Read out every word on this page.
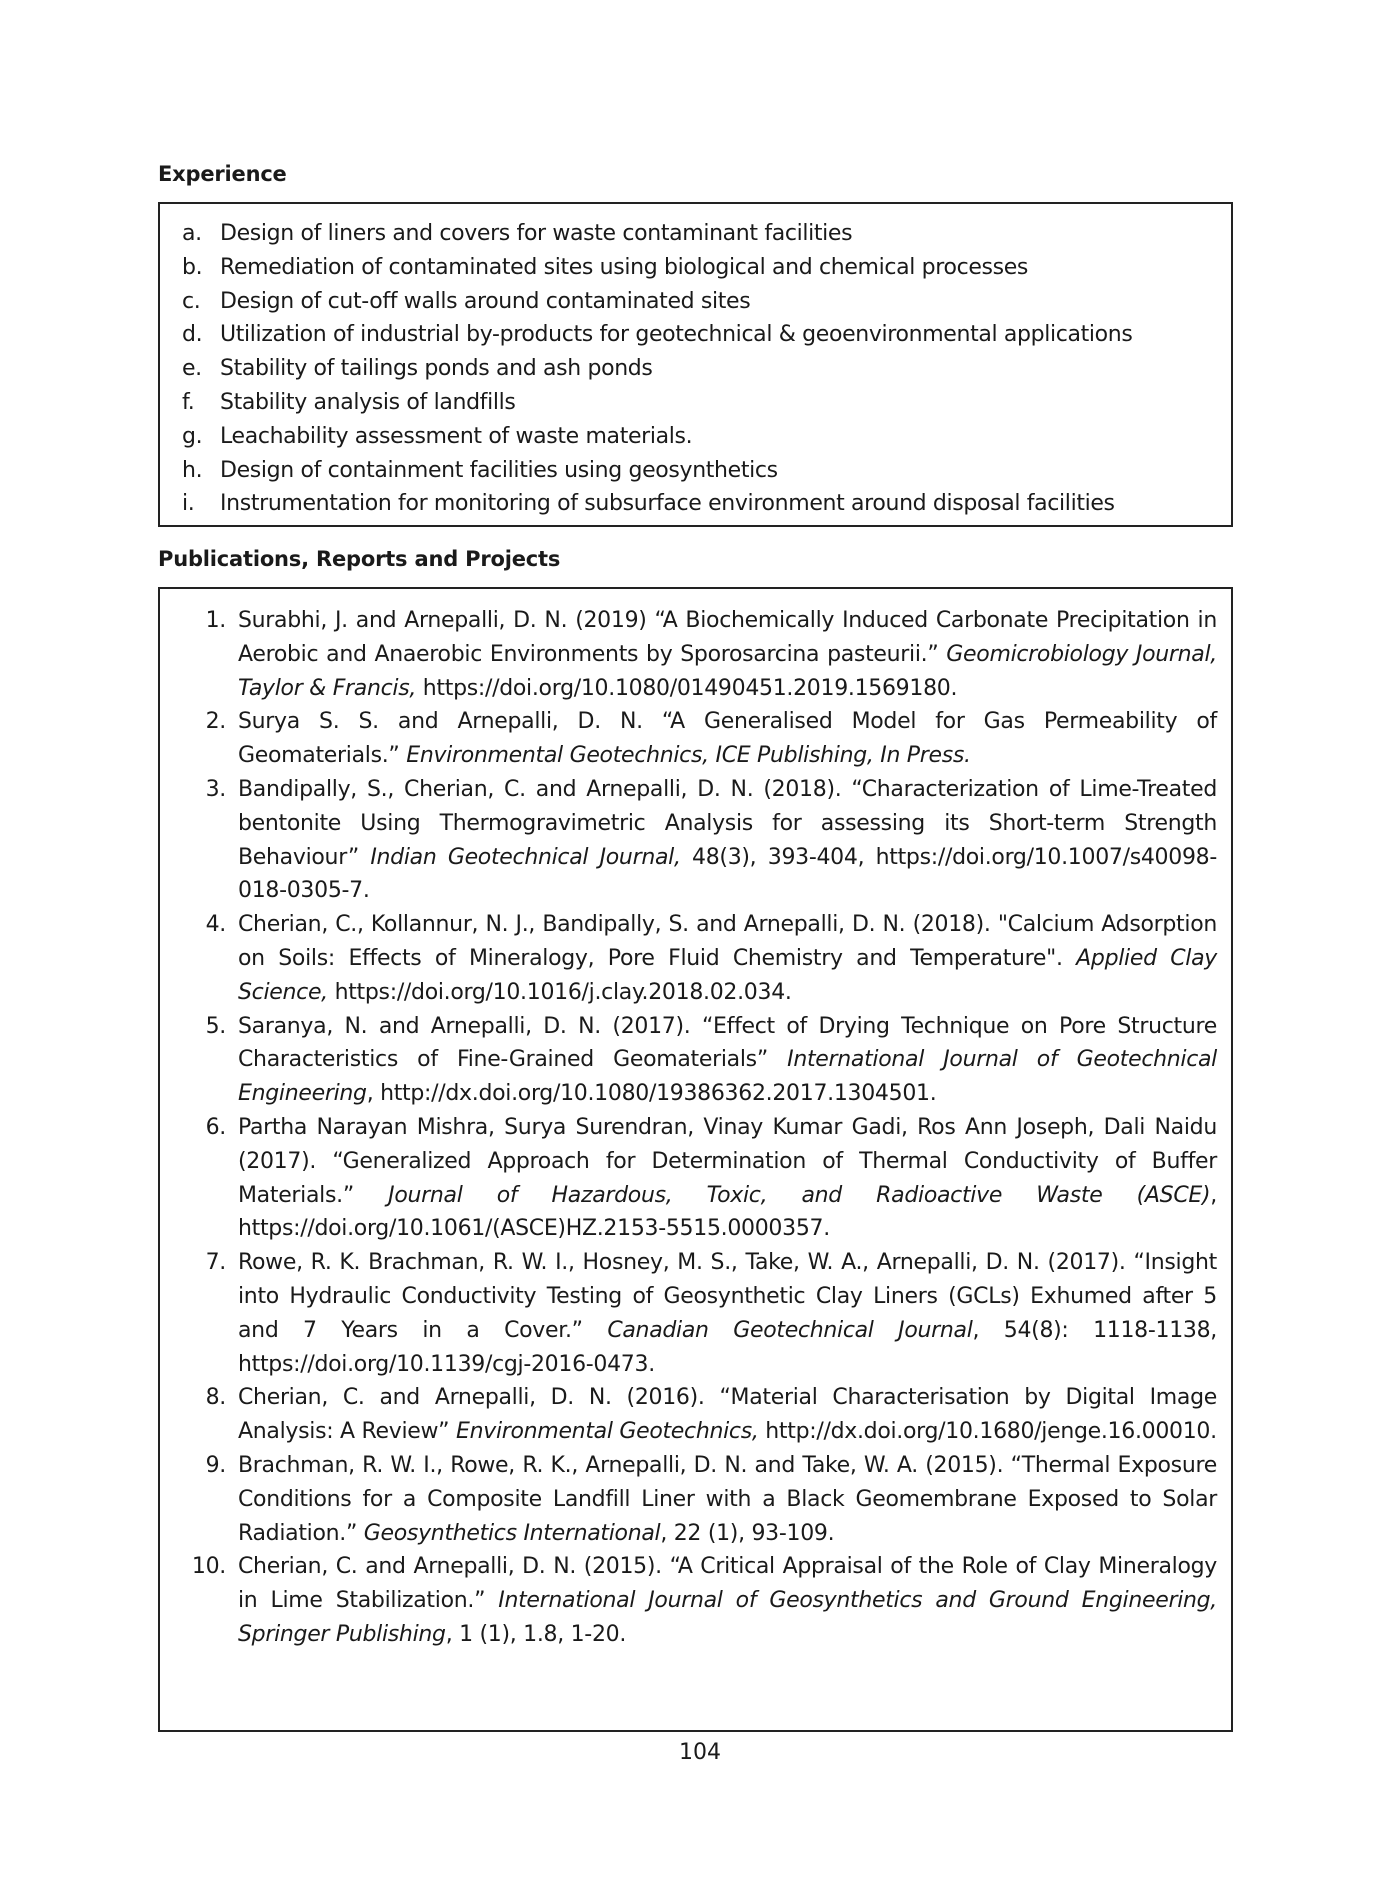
Experience
a. Design of liners and covers for waste contaminant facilities
b. Remediation of contaminated sites using biological and chemical processes
c. Design of cut-off walls around contaminated sites
d. Utilization of industrial by-products for geotechnical & geoenvironmental applications
e. Stability of tailings ponds and ash ponds
f.	Stability analysis of landfills
g. Leachability assessment of waste materials.
h. Design of containment facilities using geosynthetics
i.	Instrumentation for monitoring of subsurface environment around disposal facilities
Publications, Reports and Projects
1. Surabhi, J. and Arnepalli, D. N. (2019) “A Biochemically Induced Carbonate Precipitation in Aerobic and Anaerobic Environments by Sporosarcina pasteurii.” Geomicrobiology Journal, Taylor & Francis, https://doi.org/10.1080/01490451.2019.1569180.
2. Surya S. S. and Arnepalli, D. N. “A Generalised Model for Gas Permeability of Geomaterials.” Environmental Geotechnics, ICE Publishing, In Press.
3. Bandipally, S., Cherian, C. and Arnepalli, D. N. (2018). “Characterization of Lime-Treated bentonite Using Thermogravimetric Analysis for assessing its Short-term Strength Behaviour” Indian Geotechnical Journal, 48(3), 393-404, https://doi.org/10.1007/s40098-018-0305-7.
4. Cherian, C., Kollannur, N. J., Bandipally, S. and Arnepalli, D. N. (2018). "Calcium Adsorption on Soils: Effects of Mineralogy, Pore Fluid Chemistry and Temperature". Applied Clay Science, https://doi.org/10.1016/j.clay.2018.02.034.
5. Saranya, N. and Arnepalli, D. N. (2017). “Effect of Drying Technique on Pore Structure Characteristics of Fine-Grained Geomaterials” International Journal of Geotechnical Engineering, http://dx.doi.org/10.1080/19386362.2017.1304501.
6. Partha Narayan Mishra, Surya Surendran, Vinay Kumar Gadi, Ros Ann Joseph, Dali Naidu (2017). “Generalized Approach for Determination of Thermal Conductivity of Buffer Materials.” Journal of Hazardous, Toxic, and Radioactive Waste (ASCE), https://doi.org/10.1061/(ASCE)HZ.2153-5515.0000357.
7. Rowe, R. K. Brachman, R. W. I., Hosney, M. S., Take, W. A., Arnepalli, D. N. (2017). “Insight into Hydraulic Conductivity Testing of Geosynthetic Clay Liners (GCLs) Exhumed after 5 and 7 Years in a Cover.” Canadian Geotechnical Journal, 54(8): 1118-1138, https://doi.org/10.1139/cgj-2016-0473.
8. Cherian, C. and Arnepalli, D. N. (2016). “Material Characterisation by Digital Image Analysis: A Review” Environmental Geotechnics, http://dx.doi.org/10.1680/jenge.16.00010.
9. Brachman, R. W. I., Rowe, R. K., Arnepalli, D. N. and Take, W. A. (2015). “Thermal Exposure Conditions for a Composite Landfill Liner with a Black Geomembrane Exposed to Solar Radiation.” Geosynthetics International, 22 (1), 93-109.
10. Cherian, C. and Arnepalli, D. N. (2015). “A Critical Appraisal of the Role of Clay Mineralogy in Lime Stabilization.” International Journal of Geosynthetics and Ground Engineering, Springer Publishing, 1 (1), 1.8, 1-20.

104
